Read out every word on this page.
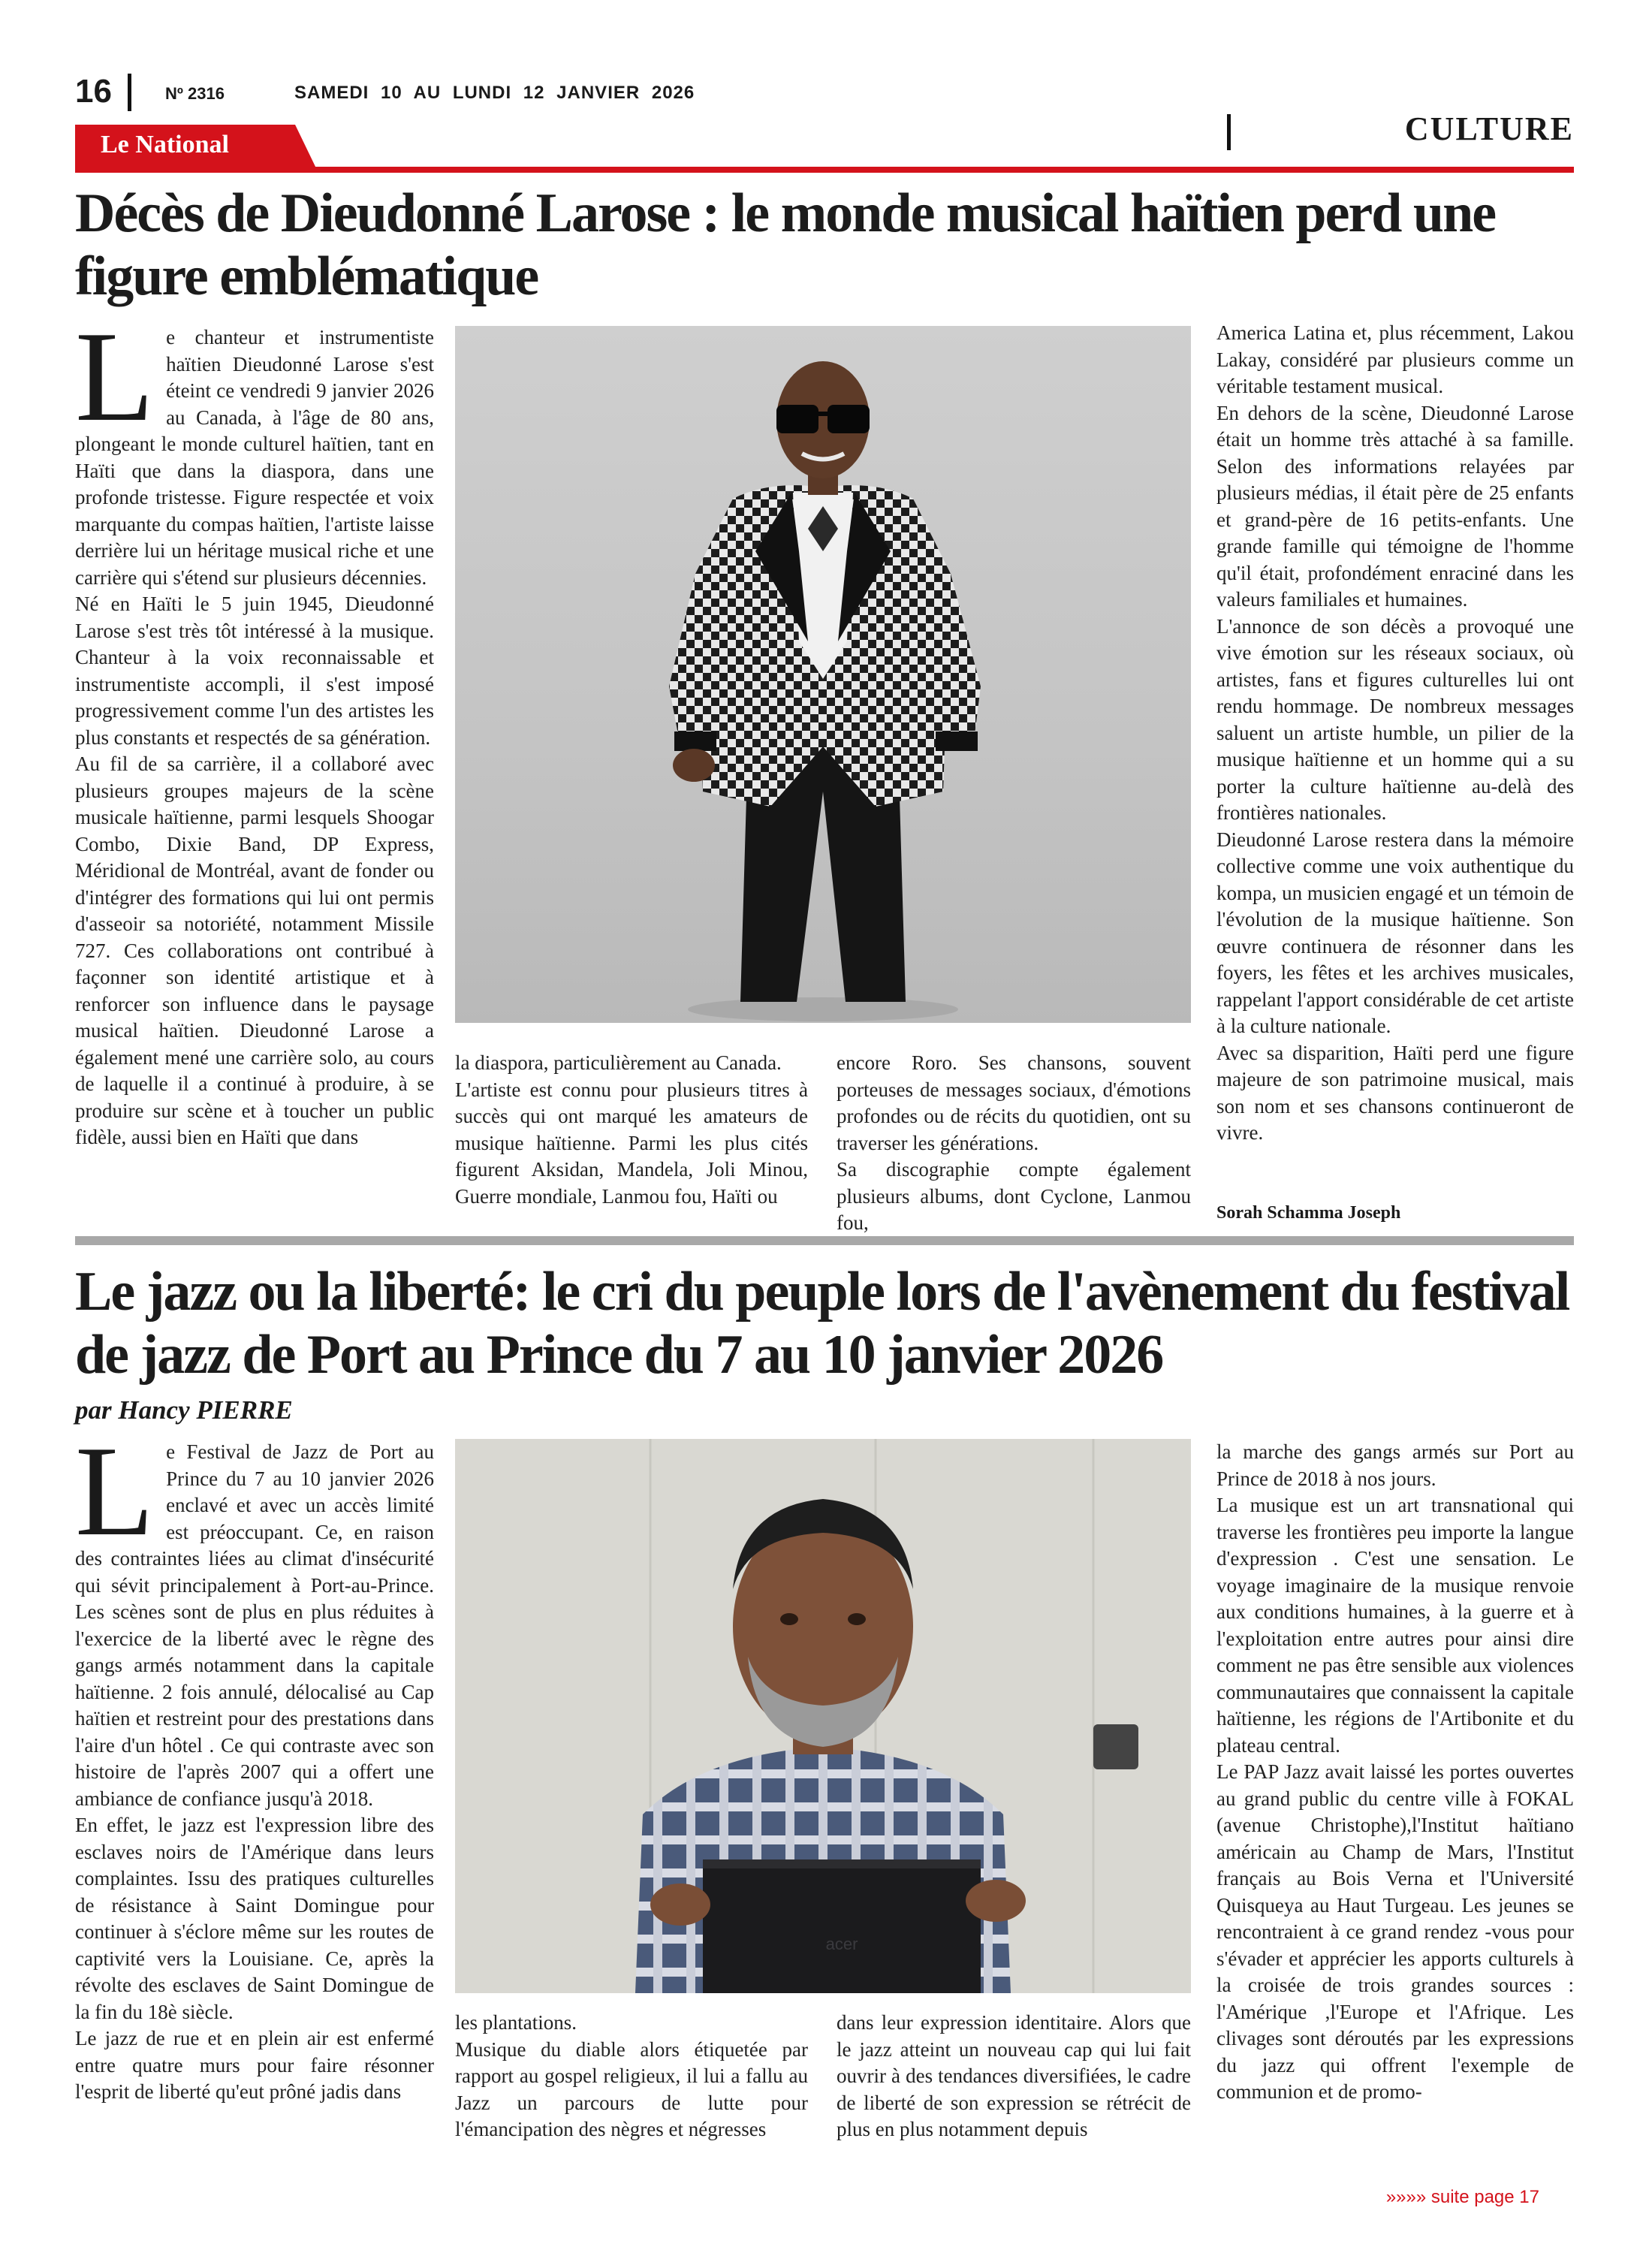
16	Nº 2316	SAMEDI 10 AU LUNDI 12 JANVIER 2026
CULTURE
Le National
Décès de Dieudonné Larose : le monde musical haïtien perd une figure emblématique
L e chanteur et instrumentiste haïtien Dieudonné Larose s'est éteint ce vendredi 9 janvier 2026 au Canada, à l'âge de 80 ans, plongeant le monde culturel haïtien, tant en Haïti que dans la diaspora, dans une profonde tristesse. Figure respectée et voix marquante du compas haïtien, l'artiste laisse derrière lui un héritage musical riche et une carrière qui s'étend sur plusieurs décennies.

Né en Haïti le 5 juin 1945, Dieudonné Larose s'est très tôt intéressé à la musique. Chanteur à la voix reconnaissable et instrumentiste accompli, il s'est imposé progressivement comme l'un des artistes les plus constants et respectés de sa génération.

Au fil de sa carrière, il a collaboré avec plusieurs groupes majeurs de la scène musicale haïtienne, parmi lesquels Shoogar Combo, Dixie Band, DP Express, Méridional de Montréal, avant de fonder ou d'intégrer des formations qui lui ont permis d'asseoir sa notoriété, notamment Missile 727. Ces collaborations ont contribué à façonner son identité artistique et à renforcer son influence dans le paysage musical haïtien. Dieudonné Larose a également mené une carrière solo, au cours de laquelle il a continué à produire, à se produire sur scène et à toucher un public fidèle, aussi bien en Haïti que dans

la diaspora, particulièrement au Canada.

L'artiste est connu pour plusieurs titres à succès qui ont marqué les amateurs de musique haïtienne. Parmi les plus cités figurent Aksidan, Mandela, Joli Minou, Guerre mondiale, Lanmou fou, Haïti ou

encore Roro. Ses chansons, souvent porteuses de messages sociaux, d'émotions profondes ou de récits du quotidien, ont su traverser les générations.

Sa discographie compte également plusieurs albums, dont Cyclone, Lanmou fou,

America Latina et, plus récemment, Lakou Lakay, considéré par plusieurs comme un véritable testament musical.

En dehors de la scène, Dieudonné Larose était un homme très attaché à sa famille. Selon des informations relayées par plusieurs médias, il était père de 25 enfants et grand-père de 16 petits-enfants. Une grande famille qui témoigne de l'homme qu'il était, profondément enraciné dans les valeurs familiales et humaines.

L'annonce de son décès a provoqué une vive émotion sur les réseaux sociaux, où artistes, fans et figures culturelles lui ont rendu hommage. De nombreux messages saluent un artiste humble, un pilier de la musique haïtienne et un homme qui a su porter la culture haïtienne au-delà des frontières nationales.

Dieudonné Larose restera dans la mémoire collective comme une voix authentique du kompa, un musicien engagé et un témoin de l'évolution de la musique haïtienne. Son œuvre continuera de résonner dans les foyers, les fêtes et les archives musicales, rappelant l'apport considérable de cet artiste à la culture nationale.

Avec sa disparition, Haïti perd une figure majeure de son patrimoine musical, mais son nom et ses chansons continueront de vivre.

Sorah Schamma Joseph
Le jazz ou la liberté: le cri du peuple lors de l'avènement du festival de jazz de Port au Prince du 7 au 10 janvier 2026
par Hancy PIERRE
L e Festival de Jazz de Port au Prince du 7 au 10 janvier 2026 enclavé et avec un accès limité est préoccupant. Ce, en raison des contraintes liées au climat d'insécurité qui sévit principalement à Port-au-Prince. Les scènes sont de plus en plus réduites à l'exercice de la liberté avec le règne des gangs armés notamment dans la capitale haïtienne. 2 fois annulé, délocalisé au Cap haïtien et restreint pour des prestations dans l'aire d'un hôtel . Ce qui contraste avec son histoire de l'après 2007 qui a offert une ambiance de confiance jusqu'à 2018.

En effet, le jazz est l'expression libre des esclaves noirs de l'Amérique dans leurs complaintes. Issu des pratiques culturelles de résistance à Saint Domingue pour continuer à s'éclore même sur les routes de captivité vers la Louisiane. Ce, après la révolte des esclaves de Saint Domingue de la fin du 18è siècle.

Le jazz de rue et en plein air est enfermé entre quatre murs pour faire résonner l'esprit de liberté qu'eut prôné jadis dans

acer

les plantations.

Musique du diable alors étiquetée par rapport au gospel religieux, il lui a fallu au Jazz un parcours de lutte pour l'émancipation des nègres et négresses

dans leur expression identitaire. Alors que le jazz atteint un nouveau cap qui lui fait ouvrir à des tendances diversifiées, le cadre de liberté de son expression se rétrécit de plus en plus notamment depuis

la marche des gangs armés sur Port au Prince de 2018 à nos jours.

La musique est un art transnational qui traverse les frontières peu importe la langue d'expression . C'est une sensation. Le voyage imaginaire de la musique renvoie aux conditions humaines, à la guerre et à l'exploitation entre autres pour ainsi dire comment ne pas être sensible aux violences communautaires que connaissent la capitale haïtienne, les régions de l'Artibonite et du plateau central.

Le PAP Jazz avait laissé les portes ouvertes au grand public du centre ville à FOKAL (avenue Christophe),l'Institut haïtiano américain au Champ de Mars, l'Institut français au Bois Verna et l'Université Quisqueya au Haut Turgeau. Les jeunes se rencontraient à ce grand rendez -vous pour s'évader et apprécier les apports culturels à la croisée de trois grandes sources : l'Amérique ,l'Europe et l'Afrique. Les clivages sont déroutés par les expressions du jazz qui offrent l'exemple de communion et de promo-

»»»» suite page 17
